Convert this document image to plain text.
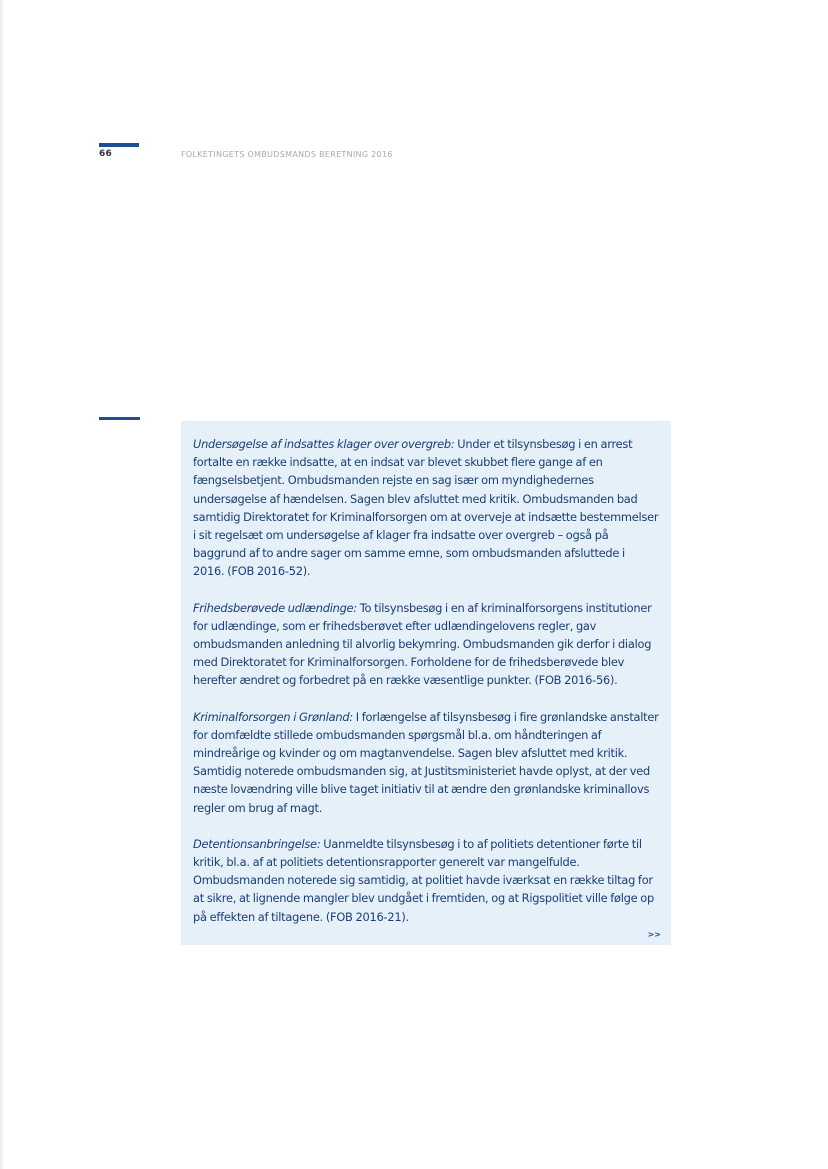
66	FOLKETINGETS OMBUDSMANDS BERETNING 2016

Undersøgelse af indsattes klager over overgreb: Under et tilsynsbesøg i en arrest fortalte en række indsatte, at en indsat var blevet skubbet flere gange af en fængselsbetjent. Ombudsmanden rejste en sag især om myndighedernes undersøgelse af hændelsen. Sagen blev afsluttet med kritik. Ombudsmanden bad samtidig Direktoratet for Kriminalforsorgen om at overveje at indsætte bestemmelser i sit regelsæt om undersøgelse af klager fra indsatte over overgreb – også på baggrund af to andre sager om samme emne, som ombudsmanden afsluttede i 2016. (FOB 2016-52).

Frihedsberøvede udlændinge: To tilsynsbesøg i en af kriminalforsorgens institutioner for udlændinge, som er frihedsberøvet efter udlændingelovens regler, gav ombudsmanden anledning til alvorlig bekymring. Ombudsmanden gik derfor i dialog med Direktoratet for Kriminalforsorgen. Forholdene for de frihedsberøvede blev herefter ændret og forbedret på en række væsentlige punkter. (FOB 2016-56).

Kriminalforsorgen i Grønland: I forlængelse af tilsynsbesøg i fire grønlandske anstalter for domfældte stillede ombudsmanden spørgsmål bl.a. om håndteringen af mindreårige og kvinder og om magtanvendelse. Sagen blev afsluttet med kritik. Samtidig noterede ombudsmanden sig, at Justitsministeriet havde oplyst, at der ved næste lovændring ville blive taget initiativ til at ændre den grønlandske kriminallovs regler om brug af magt.

Detentionsanbringelse: Uanmeldte tilsynsbesøg i to af politiets detentioner førte til kritik, bl.a. af at politiets detentionsrapporter generelt var mangelfulde. Ombudsmanden noterede sig samtidig, at politiet havde iværksat en række tiltag for at sikre, at lignende mangler blev undgået i fremtiden, og at Rigspolitiet ville følge op på effekten af tiltagene. (FOB 2016-21).

>>
